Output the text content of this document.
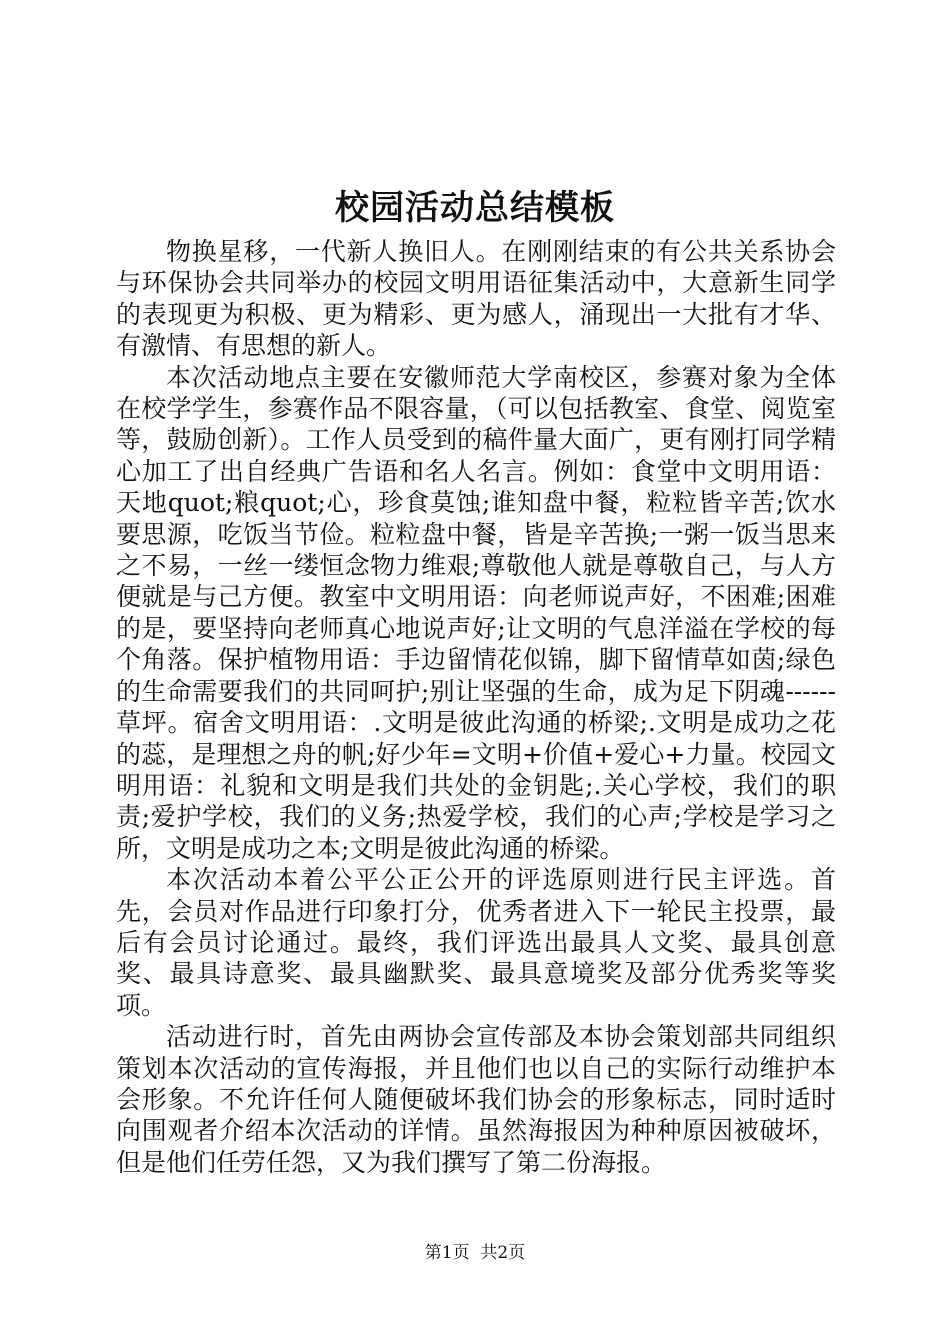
校园活动总结模板

物换星移，一代新人换旧人。在刚刚结束的有公共关系协会与环保协会共同举办的校园文明用语征集活动中，大意新生同学的表现更为积极、更为精彩、更为感人，涌现出一大批有才华、有激情、有思想的新人。

本次活动地点主要在安徽师范大学南校区，参赛对象为全体在校学学生，参赛作品不限容量，（可以包括教室、食堂、阅览室等，鼓励创新）。工作人员受到的稿件量大面广，更有刚打同学精心加工了出自经典广告语和名人名言。例如：食堂中文明用语：天地quot;粮quot;心，珍食莫蚀;谁知盘中餐，粒粒皆辛苦;饮水要思源，吃饭当节俭。粒粒盘中餐，皆是辛苦换;一粥一饭当思来之不易，一丝一缕恒念物力维艰;尊敬他人就是尊敬自己，与人方便就是与己方便。教室中文明用语：向老师说声好，不困难;困难的是，要坚持向老师真心地说声好;让文明的气息洋溢在学校的每个角落。保护植物用语：手边留情花似锦，脚下留情草如茵;绿色的生命需要我们的共同呵护;别让坚强的生命，成为足下阴魂------草坪。宿舍文明用语：.文明是彼此沟通的桥梁;.文明是成功之花的蕊，是理想之舟的帆;好少年=文明+价值+爱心+力量。校园文明用语：礼貌和文明是我们共处的金钥匙;.关心学校，我们的职责;爱护学校，我们的义务;热爱学校，我们的心声;学校是学习之所，文明是成功之本;文明是彼此沟通的桥梁。

本次活动本着公平公正公开的评选原则进行民主评选。首先，会员对作品进行印象打分，优秀者进入下一轮民主投票，最后有会员讨论通过。最终，我们评选出最具人文奖、最具创意奖、最具诗意奖、最具幽默奖、最具意境奖及部分优秀奖等奖项。

活动进行时，首先由两协会宣传部及本协会策划部共同组织策划本次活动的宣传海报，并且他们也以自己的实际行动维护本会形象。不允许任何人随便破坏我们协会的形象标志，同时适时向围观者介绍本次活动的详情。虽然海报因为种种原因被破坏，但是他们任劳任怨，又为我们撰写了第二份海报。

第1页 共2页
